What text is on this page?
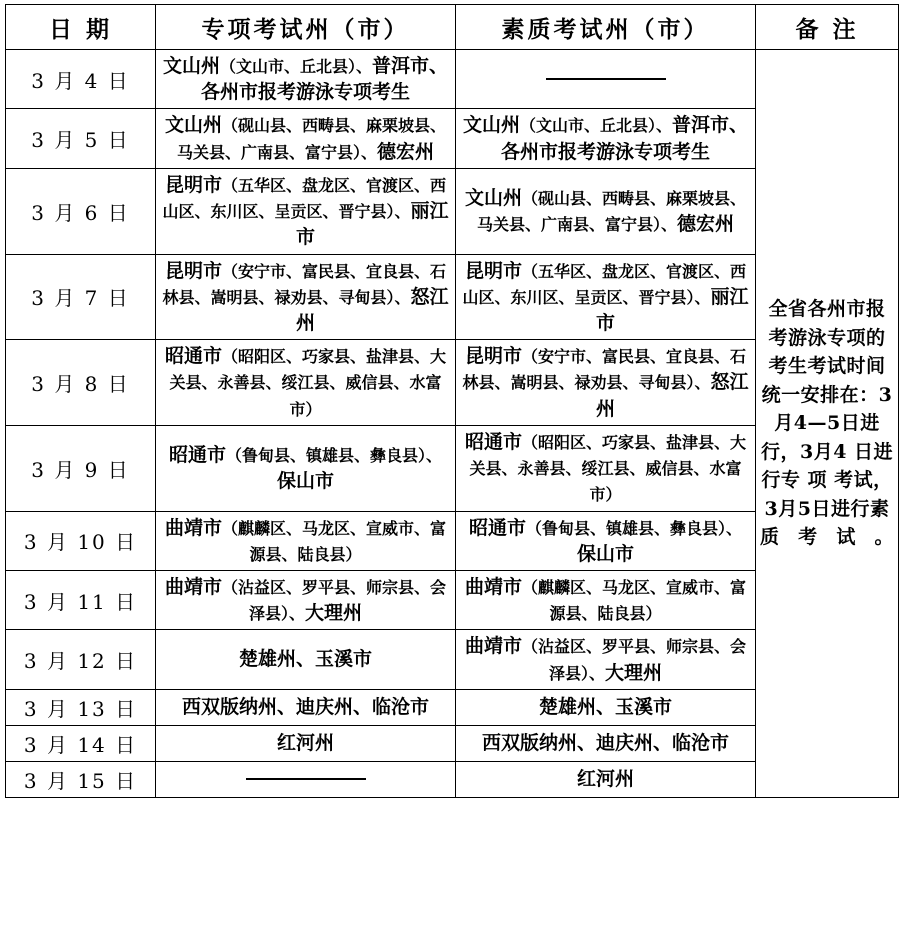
日 期	专项考试州（市）	素质考试州（市）	备 注
3 月 4 日	文山州（文山市、丘北县）、普洱市、各州市报考游泳专项考生		全省各州市报考游泳专项的考生考试时间统一安排在：3月4—5日进行，3月4 日进行专 项 考试，3月5日进行素质考试。
3 月 5 日	文山州（砚山县、西畴县、麻栗坡县、马关县、广南县、富宁县）、德宏州	文山州（文山市、丘北县）、普洱市、各州市报考游泳专项考生	
3 月 6 日	昆明市（五华区、盘龙区、官渡区、西山区、东川区、呈贡区、晋宁县）、丽江市	文山州（砚山县、西畴县、麻栗坡县、马关县、广南县、富宁县）、德宏州	
3 月 7 日	昆明市（安宁市、富民县、宜良县、石林县、嵩明县、禄劝县、寻甸县）、怒江州	昆明市（五华区、盘龙区、官渡区、西山区、东川区、呈贡区、晋宁县）、丽江市	
3 月 8 日	昭通市（昭阳区、巧家县、盐津县、大关县、永善县、绥江县、威信县、水富市）	昆明市（安宁市、富民县、宜良县、石林县、嵩明县、禄劝县、寻甸县）、怒江州	
3 月 9 日	昭通市（鲁甸县、镇雄县、彝良县）、保山市	昭通市（昭阳区、巧家县、盐津县、大关县、永善县、绥江县、威信县、水富市）	
3 月 10 日	曲靖市（麒麟区、马龙区、宣威市、富源县、陆良县）	昭通市（鲁甸县、镇雄县、彝良县）、保山市	
3 月 11 日	曲靖市（沾益区、罗平县、师宗县、会泽县）、大理州	曲靖市（麒麟区、马龙区、宣威市、富源县、陆良县）	
3 月 12 日	楚雄州、玉溪市	曲靖市（沾益区、罗平县、师宗县、会泽县）、大理州	
3 月 13 日	西双版纳州、迪庆州、临沧市	楚雄州、玉溪市	
3 月 14 日	红河州	西双版纳州、迪庆州、临沧市	
3 月 15 日		红河州	
